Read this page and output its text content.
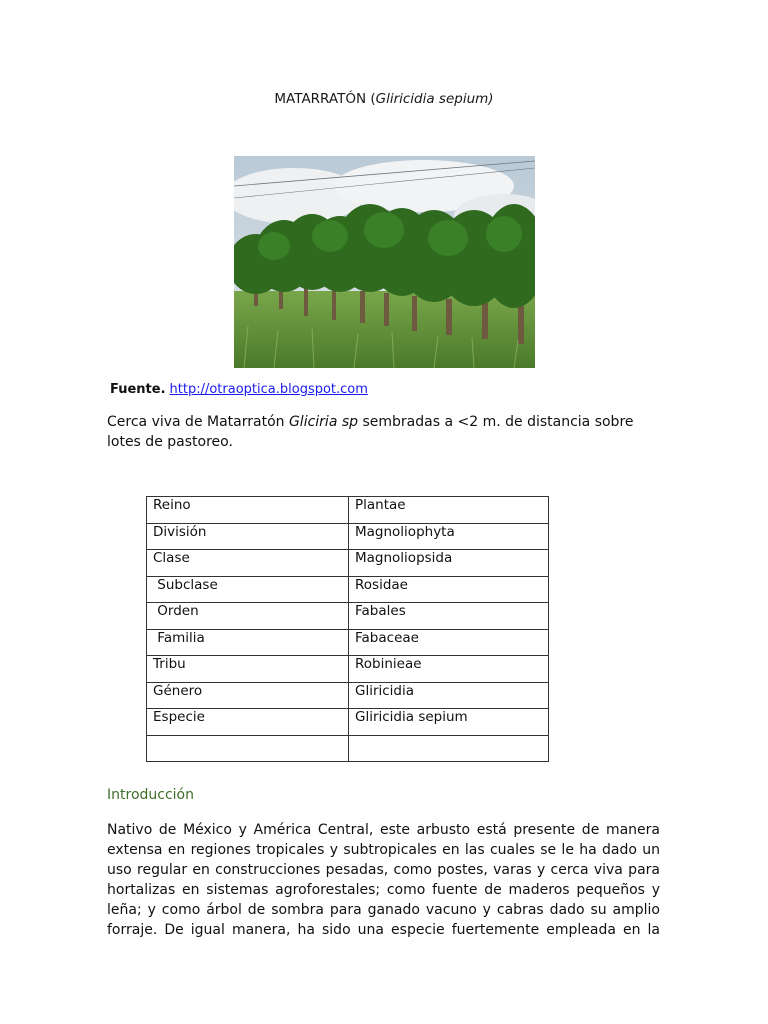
MATARRATÓN (Gliricidia sepium)
Fuente. http://otraoptica.blogspot.com
Cerca viva de Matarratón Gliciria sp sembradas a <2 m. de distancia sobre lotes de pastoreo.
Reino	Plantae
División	Magnoliophyta
Clase	Magnoliopsida
Subclase	Rosidae
Orden	Fabales
Familia	Fabaceae
Tribu	Robinieae
Género	Gliricidia
Especie	Gliricidia sepium

Introducción
Nativo de México y América Central, este arbusto está presente de manera
extensa en regiones tropicales y subtropicales en las cuales se le ha dado un
uso regular en construcciones pesadas, como postes, varas y cerca viva para
hortalizas en sistemas agroforestales; como fuente de maderos pequeños y
leña; y como árbol de sombra para ganado vacuno y cabras dado su amplio
forraje. De igual manera, ha sido una especie fuertemente empleada en la
